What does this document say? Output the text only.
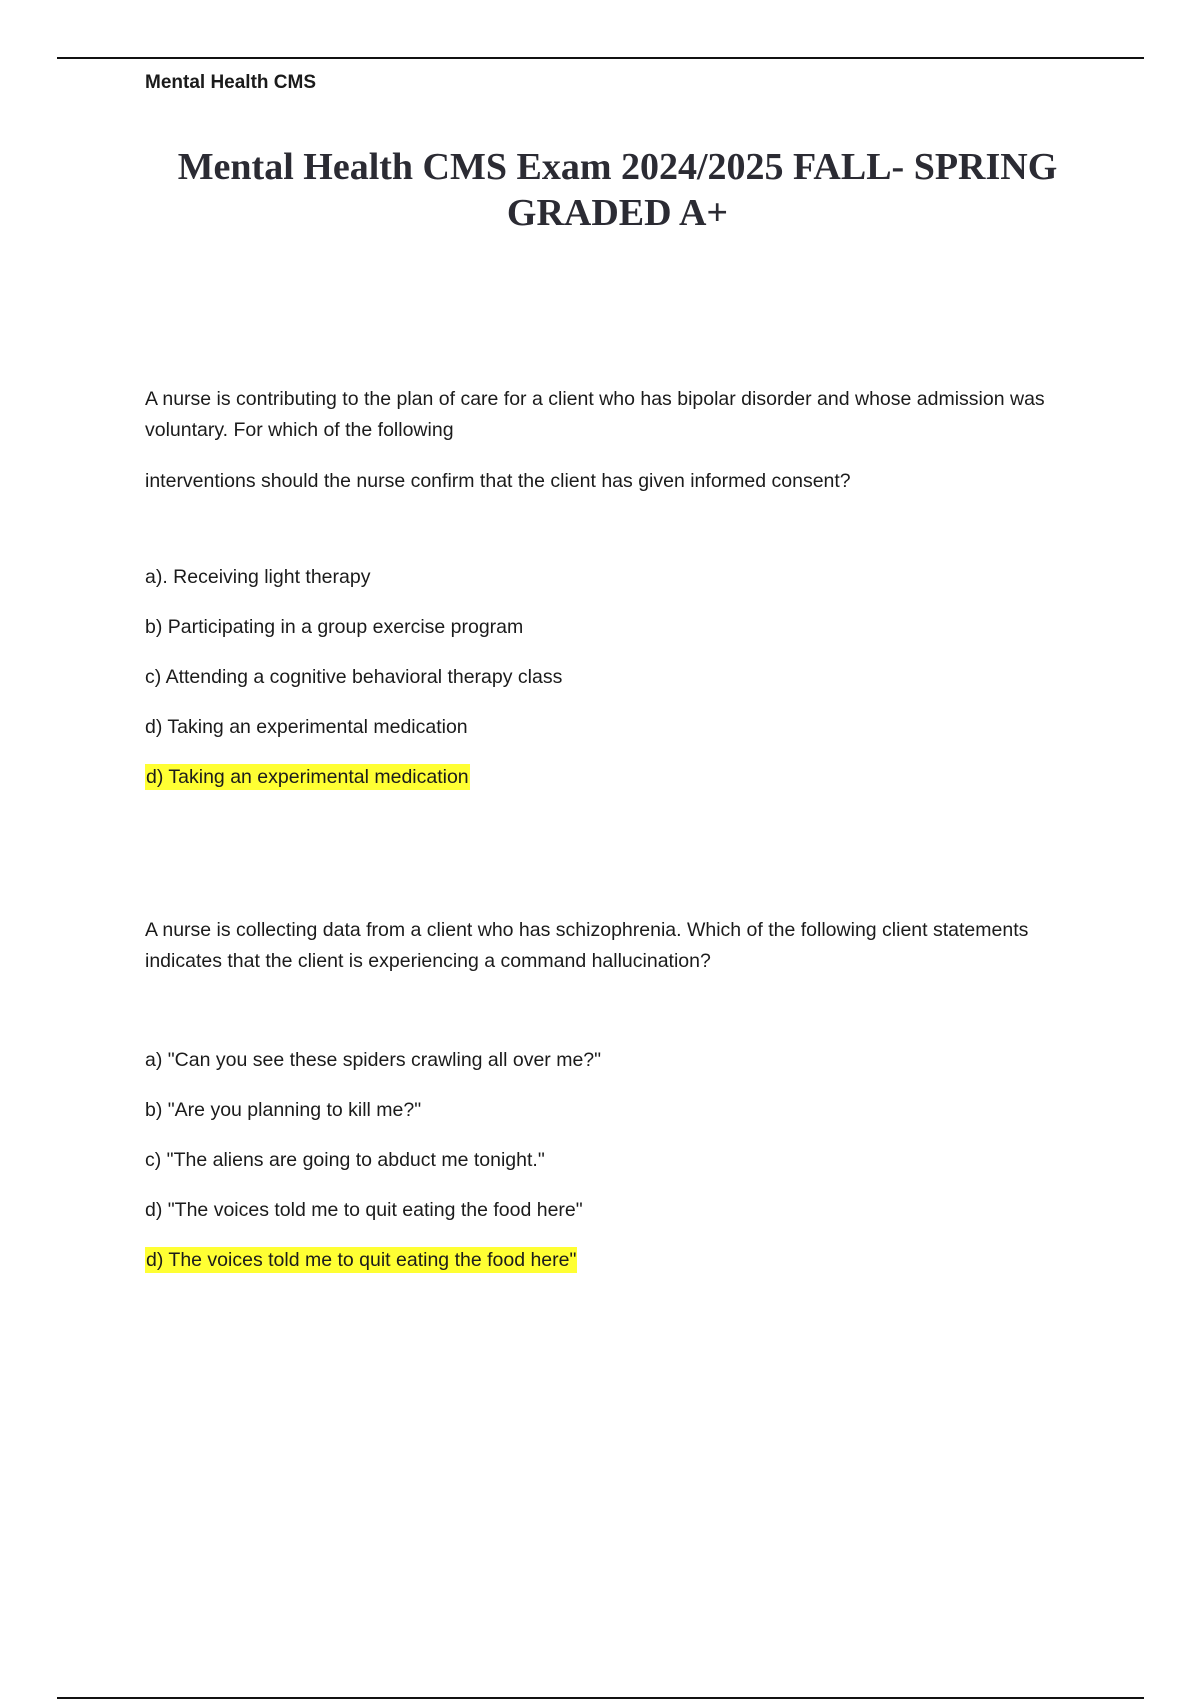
Mental Health CMS
Mental Health CMS Exam 2024/2025 FALL- SPRING
GRADED A+

A nurse is contributing to the plan of care for a client who has bipolar disorder and whose admission was voluntary. For which of the following

interventions should the nurse confirm that the client has given informed consent?

a). Receiving light therapy
b) Participating in a group exercise program
c) Attending a cognitive behavioral therapy class
d) Taking an experimental medication
d) Taking an experimental medication

A nurse is collecting data from a client who has schizophrenia. Which of the following client statements indicates that the client is experiencing a command hallucination?

a) "Can you see these spiders crawling all over me?"
b) "Are you planning to kill me?"
c) "The aliens are going to abduct me tonight."
d) "The voices told me to quit eating the food here"
d) The voices told me to quit eating the food here"
